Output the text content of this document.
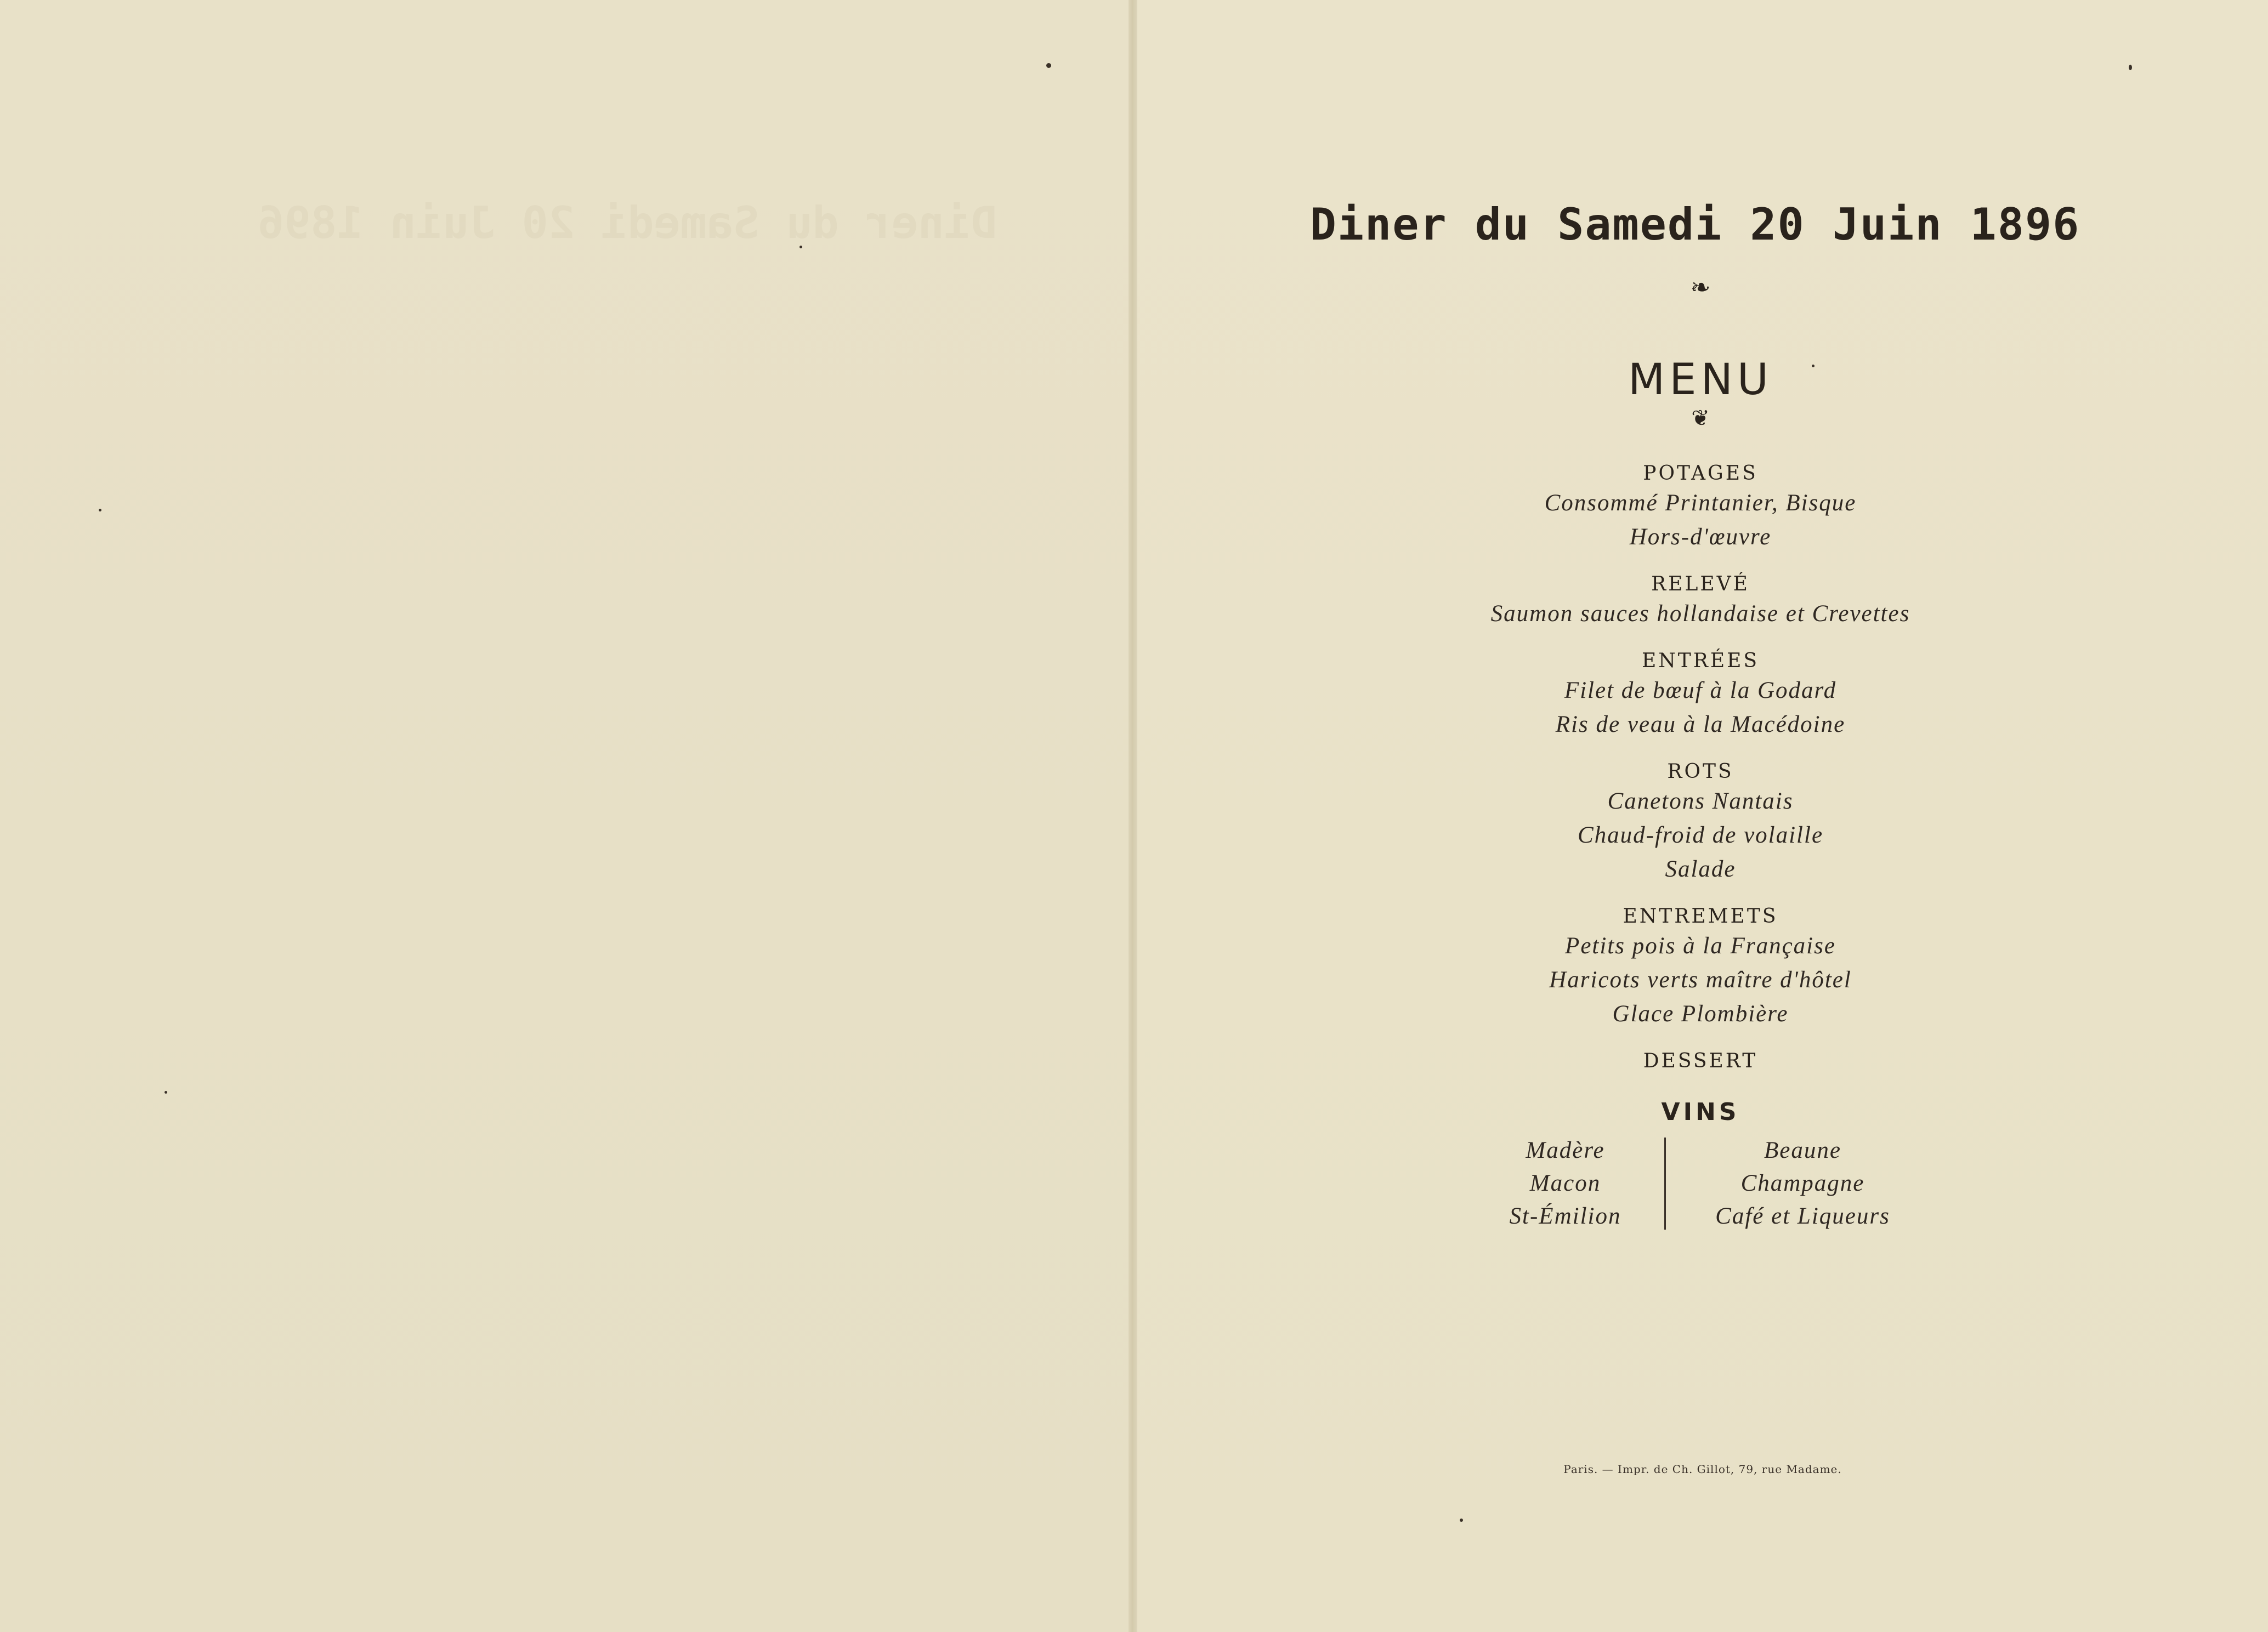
Diner du Samedi 20 Juin 1896
❧
MENU
❦
POTAGES
Consommé Printanier, Bisque
Hors-d'œuvre
RELEVÉ
Saumon sauces hollandaise et Crevettes
ENTRÉES
Filet de bœuf à la Godard
Ris de veau à la Macédoine
ROTS
Canetons Nantais
Chaud-froid de volaille
Salade
ENTREMETS
Petits pois à la Française
Haricots verts maître d'hôtel
Glace Plombière
DESSERT
VINS
Madère
Macon
St-Émilion
Beaune
Champagne
Café et Liqueurs
Paris. — Impr. de Ch. Gillot, 79, rue Madame.
